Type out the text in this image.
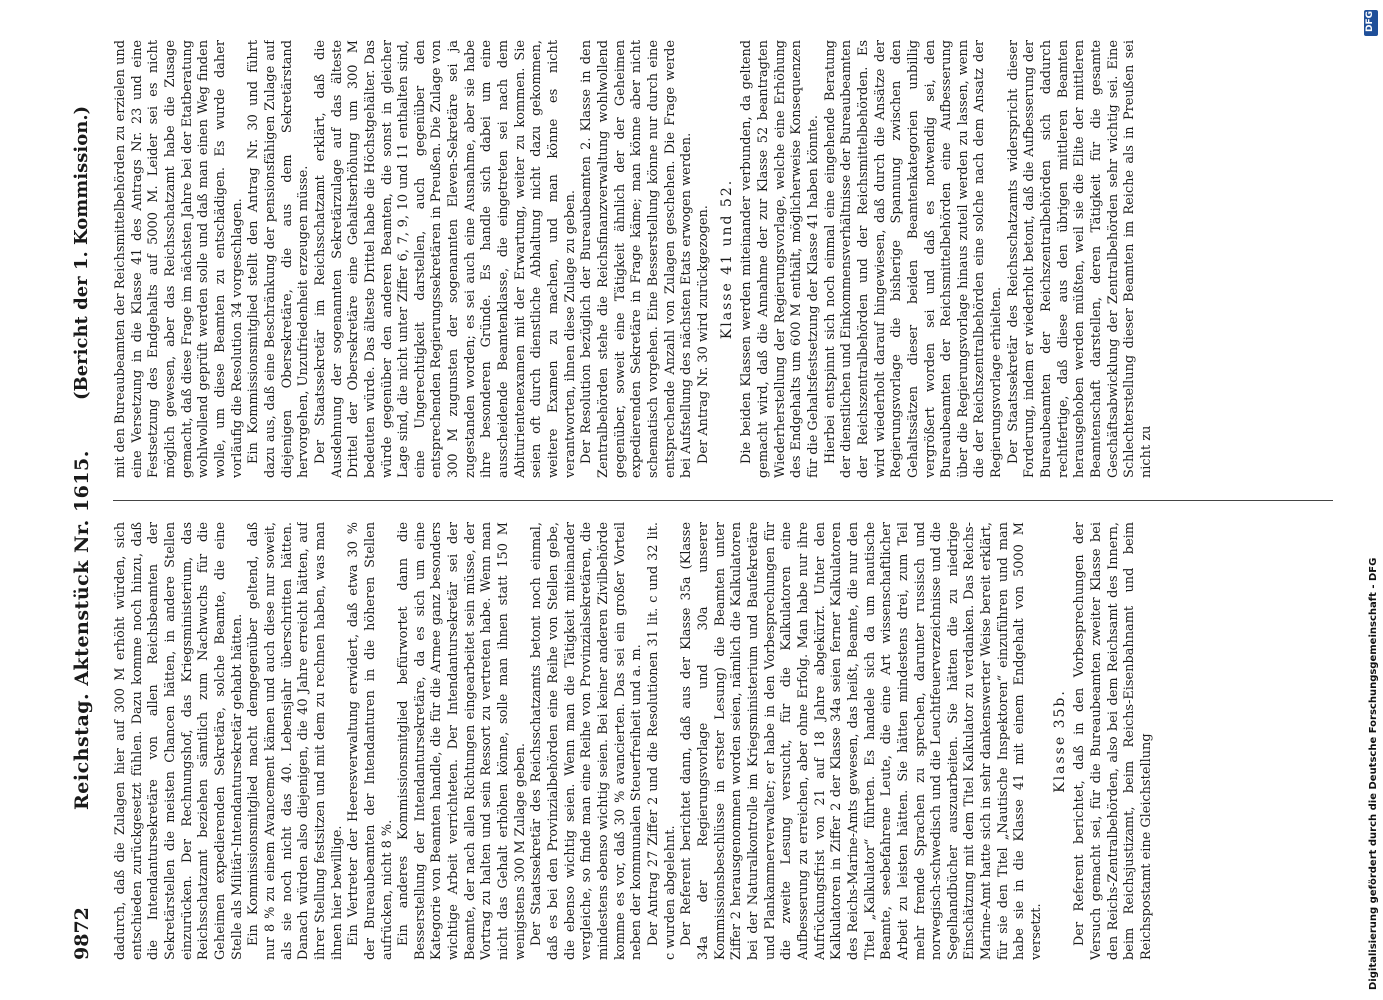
9872
Reichstag. Aktenstück Nr. 1615.
(Bericht der 1. Kommission.)

dadurch, daß die Zulagen hier auf 300 M erhöht würden, sich entschieden zurückgesetzt fühlen. Dazu komme noch hinzu, daß die Intendantursekretäre von allen Reichsbeamten der Sekretärstellen die meisten Chancen hätten, in andere Stellen einzurücken. Der Rechnungshof, das Kriegsministerium, das Reichsschatzamt beziehen sämtlich zum Nachwuchs für die Geheimen expedierenden Sekretäre, solche Beamte, die eine Stelle als Militär-Intendantursekretär gehabt hätten. Ein Kommissionsmitglied macht demgegenüber geltend, daß nur 8 % zu einem Avancement kämen und auch diese nur soweit, als sie noch nicht das 40. Lebensjahr überschritten hätten. Danach würden also diejenigen, die 40 Jahre erreicht hätten, auf ihrer Stellung festsitzen und mit dem zu rechnen haben, was man ihnen hier bewillige. Ein Vertreter der Heeresverwaltung erwidert, daß etwa 30 % der Bureaubeamten der Intendanturen in die höheren Stellen aufrücken, nicht 8 %. Ein anderes Kommissionsmitglied befürwortet dann die Besserstellung der Intendantursekretäre, da es sich um eine Kategorie von Beamten handle, die für die Armee ganz besonders wichtige Arbeit verrichteten. Der Intendantursekretär sei der Beamte, der nach allen Richtungen eingearbeitet sein müsse, der Vortrag zu halten und sein Ressort zu vertreten habe. Wenn man nicht das Gehalt erhöhen könne, solle man ihnen statt 150 M wenigstens 300 M Zulage geben. Der Staatssekretär des Reichsschatzamts betont noch einmal, daß es bei den Provinzialbehörden eine Reihe von Stellen gebe, die ebenso wichtig seien. Wenn man die Tätigkeit miteinander vergleiche, so finde man eine Reihe von Provinzialsekretären, die mindestens ebenso wichtig seien. Bei keiner anderen Zivilbehörde komme es vor, daß 30 % avancierten. Das sei ein großer Vorteil neben der kommunalen Steuerfreiheit und a. m. Der Antrag 27 Ziffer 2 und die Resolutionen 31 lit. c und 32 lit. c wurden abgelehnt. Der Referent berichtet dann, daß aus der Klasse 35a (Klasse 34a der Regierungsvorlage und 30a unserer Kommissionsbeschlüsse in erster Lesung) die Beamten unter Ziffer 2 herausgenommen worden seien, nämlich die Kalkulatoren bei der Naturalkontrolle im Kriegsministerium und Baufekretäre und Plankammerverwalter; er habe in den Vorbesprechungen für die zweite Lesung versucht, für die Kalkulatoren eine Aufbesserung zu erreichen, aber ohne Erfolg. Man habe nur ihre Aufrückungsfrist von 21 auf 18 Jahre abgekürzt. Unter den Kalkulatoren in Ziffer 2 der Klasse 34a seien ferner Kalkulatoren des Reichs-Marine-Amts gewesen, das heißt, Beamte, die nur den Titel „Kalkulator“ führten. Es handele sich da um nautische Beamte, seebefahrene Leute, die eine Art wissenschaftlicher Arbeit zu leisten hätten. Sie hätten mindestens drei, zum Teil mehr fremde Sprachen zu sprechen, darunter russisch und norwegisch-schwedisch und die Leuchtfeuerverzeichnisse und die Segelhandbücher auszuarbeiten. Sie hätten die zu niedrige Einschätzung mit dem Titel Kalkulator zu verdanken. Das Reichs-Marine-Amt hatte sich in sehr dankenswerter Weise bereit erklärt, für sie den Titel „Nautische Inspektoren“ einzuführen und man habe sie in die Klasse 41 mit einem Endgehalt von 5000 M versetzt.

Klasse 35b. Der Referent berichtet, daß in den Vorbesprechungen der Versuch gemacht sei, für die Bureaubeamten zweiter Klasse bei den Reichs-Zentralbehörden, also bei dem Reichsamt des Innern, beim Reichsjustizamt, beim Reichs-Eisenbahnamt und beim Reichspostamt eine Gleichstellung

mit den Bureaubeamten der Reichsmittelbehörden zu erzielen und eine Versetzung in die Klasse 41 des Antrags Nr. 23 und eine Festsetzung des Endgehalts auf 5000 M. Leider sei es nicht möglich gewesen, aber das Reichsschatzamt habe die Zusage gemacht, daß diese Frage im nächsten Jahre bei der Etatberatung wohlwollend geprüft werden solle und daß man einen Weg finden wolle, um diese Beamten zu entschädigen. Es wurde daher vorläufig die Resolution 34 vorgeschlagen. Ein Kommissionsmitglied stellt den Antrag Nr. 30 und führt dazu aus, daß eine Beschränkung der pensionsfähigen Zulage auf diejenigen Obersekretäre, die aus dem Sekretärstand hervorgehen, Unzufriedenheit erzeugen müsse. Der Staatssekretär im Reichsschatzamt erklärt, daß die Ausdehnung der sogenannten Sekretärzulage auf das älteste Drittel der Obersekretäre eine Gehaltserhöhung um 300 M bedeuten würde. Das älteste Drittel habe die Höchstgehälter. Das würde gegenüber den anderen Beamten, die sonst in gleicher Lage sind, die nicht unter Ziffer 6, 7, 9, 10 und 11 enthalten sind, eine Ungerechtigkeit darstellen, auch gegenüber den entsprechenden Regierungssekretären in Preußen. Die Zulage von 300 M zugunsten der sogenannten Eleven-Sekretäre sei ja zugestanden worden; es sei auch eine Ausnahme, aber sie habe ihre besonderen Gründe. Es handle sich dabei um eine ausscheidende Beamtenklasse, die eingetreten sei nach dem Abiturientenexamen mit der Erwartung, weiter zu kommen. Sie seien oft durch dienstliche Abhaltung nicht dazu gekommen, weitere Examen zu machen, und man könne es nicht verantworten, ihnen diese Zulage zu geben. Der Resolution bezüglich der Bureaubeamten 2. Klasse in den Zentralbehörden stehe die Reichsfinanzverwaltung wohlwollend gegenüber, soweit eine Tätigkeit ähnlich der der Geheimen expedierenden Sekretäre in Frage käme; man könne aber nicht schematisch vorgehen. Eine Besserstellung könne nur durch eine entsprechende Anzahl von Zulagen geschehen. Die Frage werde bei Aufstellung des nächsten Etats erwogen werden. Der Antrag Nr. 30 wird zurückgezogen. Klasse 41 und 52. Die beiden Klassen werden miteinander verbunden, da geltend gemacht wird, daß die Annahme der zur Klasse 52 beantragten Wiederherstellung der Regierungsvorlage, welche eine Erhöhung des Endgehalts um 600 M enthält, möglicherweise Konsequenzen für die Gehaltsfestsetzung der Klasse 41 haben könnte. Hierbei entspinnt sich noch einmal eine eingehende Beratung der dienstlichen und Einkommensverhältnisse der Bureaubeamten der Reichszentralbehörden und der Reichsmittelbehörden. Es wird wiederholt darauf hingewiesen, daß durch die Ansätze der Regierungsvorlage die bisherige Spannung zwischen den Gehaltssätzen dieser beiden Beamtenkategorien unbillig vergrößert worden sei und daß es notwendig sei, den Bureaubeamten der Reichsmittelbehörden eine Aufbesserung über die Regierungsvorlage hinaus zuteil werden zu lassen, wenn die der Reichszentralbehörden eine solche nach dem Ansatz der Regierungsvorlage erhielten. Der Staatssekretär des Reichsschatzamts widerspricht dieser Forderung, indem er wiederholt betont, daß die Aufbesserung der Bureaubeamten der Reichszentralbehörden sich dadurch rechtfertige, daß diese aus den übrigen mittleren Beamten herausgehoben werden müßten, weil sie die Elite der mittleren Beamtenschaft darstellen, deren Tätigkeit für die gesamte Geschäftsabwicklung der Zentralbehörden sehr wichtig sei. Eine Schlechterstellung dieser Beamten im Reiche als in Preußen sei nicht zu

DFG
Digitalisierung gefördert durch die Deutsche Forschungsgemeinschaft - DFG
